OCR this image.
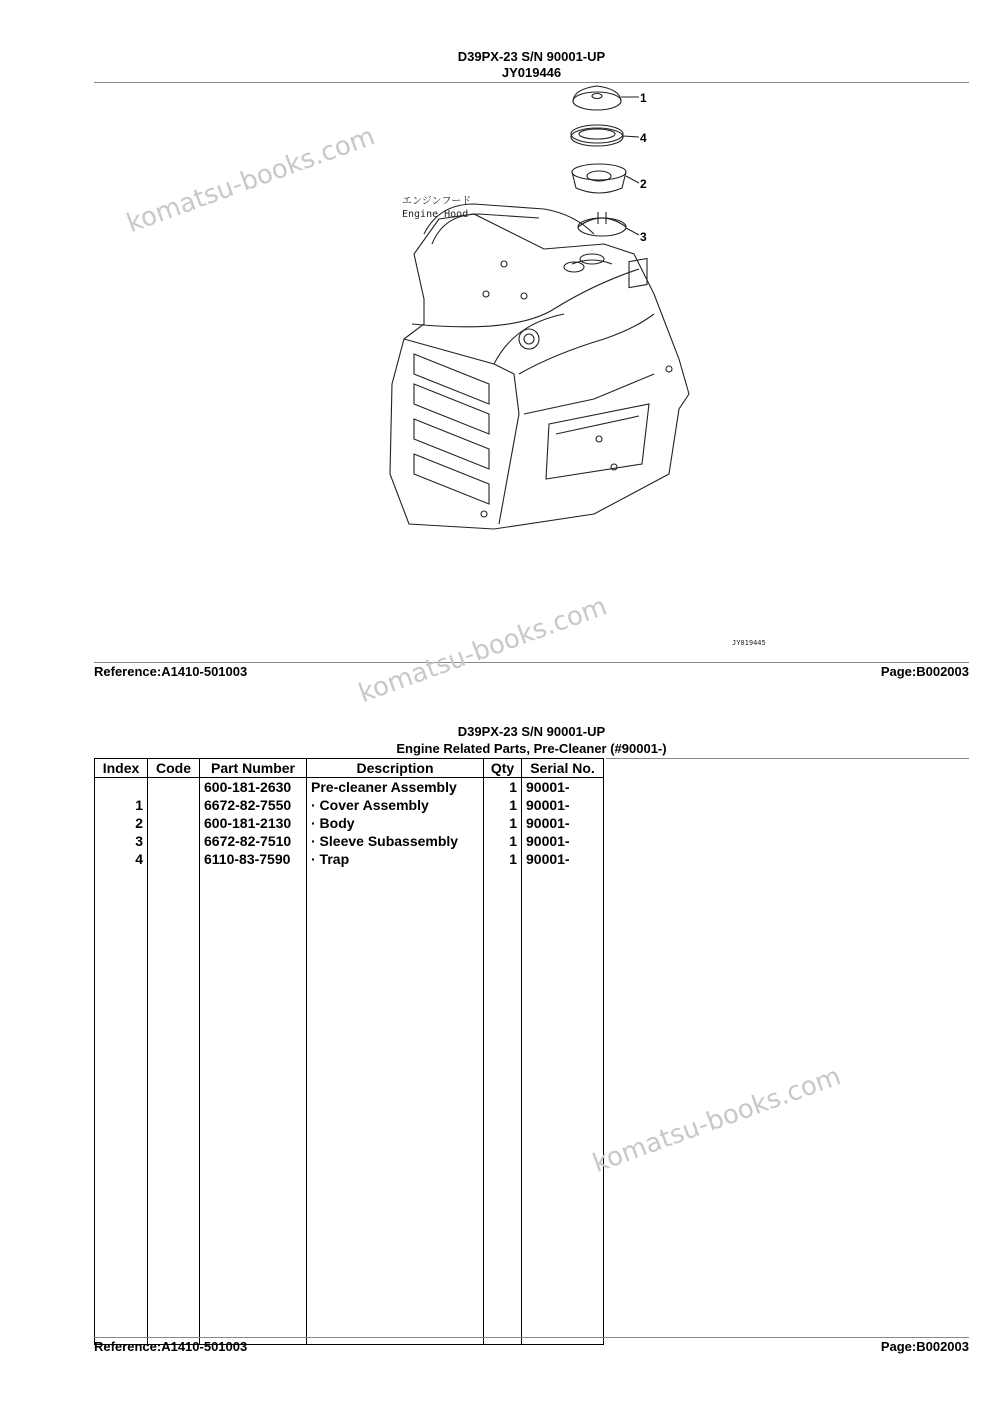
D39PX-23 S/N 90001-UP
JY019446
1
4
2
3
エンジンフード
Engine Hood
JY019445
Reference:A1410-501003	Page:B002003
D39PX-23 S/N 90001-UP
Engine Related Parts, Pre-Cleaner (#90001-)
Index	Code	Part Number	Description	Qty	Serial No.
		600-181-2630	Pre-cleaner Assembly	1	90001-
1		6672-82-7550	· Cover Assembly	1	90001-
2		600-181-2130	· Body	1	90001-
3		6672-82-7510	· Sleeve Subassembly	1	90001-
4		6110-83-7590	· Trap	1	90001-

Reference:A1410-501003	Page:B002003
komatsu-books.com
komatsu-books.com
komatsu-books.com
